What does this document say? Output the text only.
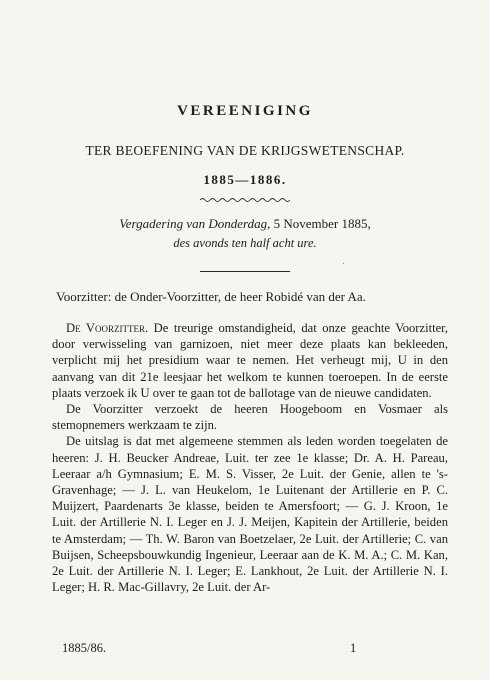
VEREENIGING
TER BEOEFENING VAN DE KRIJGSWETENSCHAP.
1885—1886.
Vergadering van Donderdag, 5 November 1885,
des avonds ten half acht ure.
·
Voorzitter: de Onder-Voorzitter, de heer Robidé van der Aa.

De Voorzitter. De treurige omstandigheid, dat onze geachte Voorzitter, door verwisseling van garnizoen, niet meer deze plaats kan bekleeden, verplicht mij het presidium waar te nemen. Het verheugt mij, U in den aanvang van dit 21e leesjaar het welkom te kunnen toeroepen. In de eerste plaats verzoek ik U over te gaan tot de ballotage van de nieuwe candidaten.

De Voorzitter verzoekt de heeren Hoogeboom en Vosmaer als stemopnemers werkzaam te zijn.

De uitslag is dat met algemeene stemmen als leden worden toegelaten de heeren: J. H. Beucker Andreae, Luit. ter zee 1e klasse; Dr. A. H. Pareau, Leeraar a/h Gymnasium; E. M. S. Visser, 2e Luit. der Genie, allen te 's-Gravenhage; — J. L. van Heukelom, 1e Luitenant der Artillerie en P. C. Muijzert, Paardenarts 3e klasse, beiden te Amersfoort; — G. J. Kroon, 1e Luit. der Artillerie N. I. Leger en J. J. Meijen, Kapitein der Artillerie, beiden te Amsterdam; — Th. W. Baron van Boetzelaer, 2e Luit. der Artillerie; C. van Buijsen, Scheepsbouwkundig Ingenieur, Leeraar aan de K. M. A.; C. M. Kan, 2e Luit. der Artillerie N. I. Leger; E. Lankhout, 2e Luit. der Artillerie N. I. Leger; H. R. Mac-Gillavry, 2e Luit. der Ar-

1885/86.	1
